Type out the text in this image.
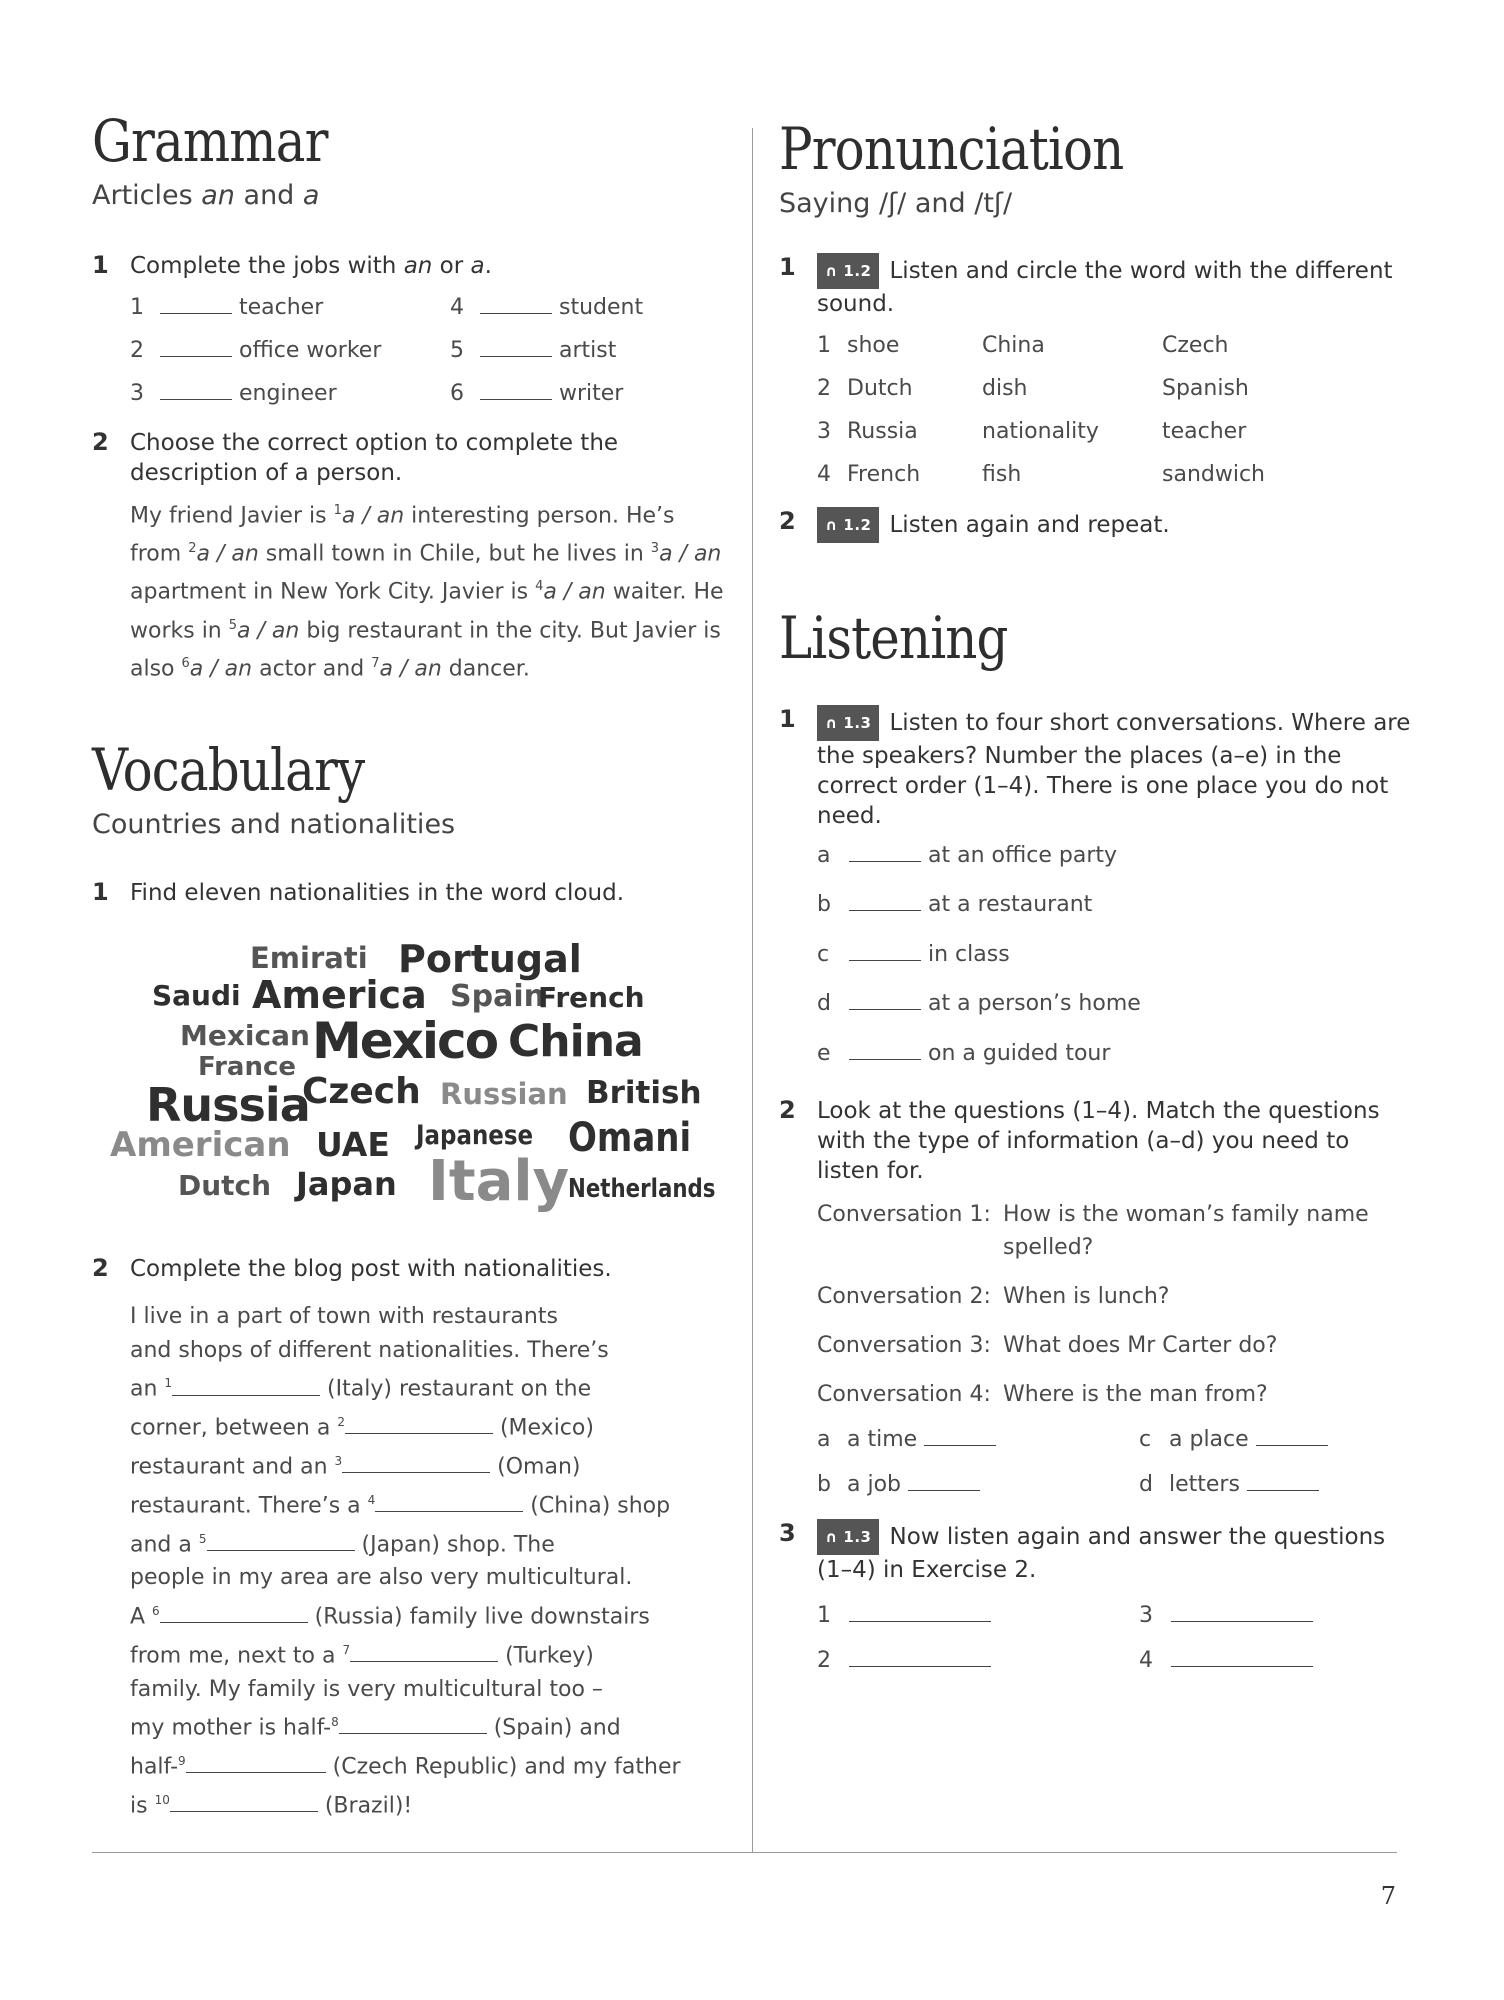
Grammar
Articles an and a
1 Complete the jobs with an or a.
1	teacher	4	student
2	office worker	5	artist
3	engineer	6	writer
2 Choose the correct option to complete the description of a person.
My friend Javier is $^1$a / an interesting person. He’s from $^2$a / an small town in Chile, but he lives in $^3$a / an apartment in New York City. Javier is $^4$a / an waiter. He works in $^5$a / an big restaurant in the city. But Javier is also $^6$a / an actor and $^7$a / an dancer.
Vocabulary
Countries and nationalities
1 Find eleven nationalities in the word cloud.
Emirati Portugal
Saudi America Spain
French
Mexican Mexico China
France
Russia
Czech Russian British
American UAE Japanese Omani
Dutch Japan Italy
Netherlands
2 Complete the blog post with nationalities.
I live in a part of town with restaurants
and shops of different nationalities. There’s
an $^1$	(Italy) restaurant on the
corner, between a $^2$	(Mexico)
restaurant and an $^3$	(Oman)
restaurant. There’s a $^4$	(China) shop
and a $^5$	(Japan) shop. The
people in my area are also very multicultural.
A $^6$	(Russia) family live downstairs
from me, next to a $^7$	(Turkey)
family. My family is very multicultural too –
my mother is half-$^8$	(Spain) and
half-$^9$	(Czech Republic) and my father
is $^{10}$	(Brazil)!
Pronunciation
Saying /ʃ/ and /tʃ/
1	∩ 1.2 Listen and circle the word with the different sound.
1 shoe	China	Czech
2 Dutch	dish	Spanish
3 Russia	nationality	teacher
4 French	fish	sandwich
2	∩ 1.2 Listen again and repeat.
Listening
1	∩ 1.3 Listen to four short conversations. Where are the speakers? Number the places (a–e) in the correct order (1–4). There is one place you do not need.
a	at an office party
b	at a restaurant
c	in class
d	at a person’s home
e	on a guided tour
2 Look at the questions (1–4). Match the questions with the type of information (a–d) you need to listen for.
Conversation 1: How is the woman’s family name spelled?
Conversation 2: When is lunch?
Conversation 3: What does Mr Carter do?
Conversation 4: Where is the man from?
a a time	c a place
b a job	d letters
3	∩ 1.3 Now listen again and answer the questions (1–4) in Exercise 2.
1	3
2	4
7
